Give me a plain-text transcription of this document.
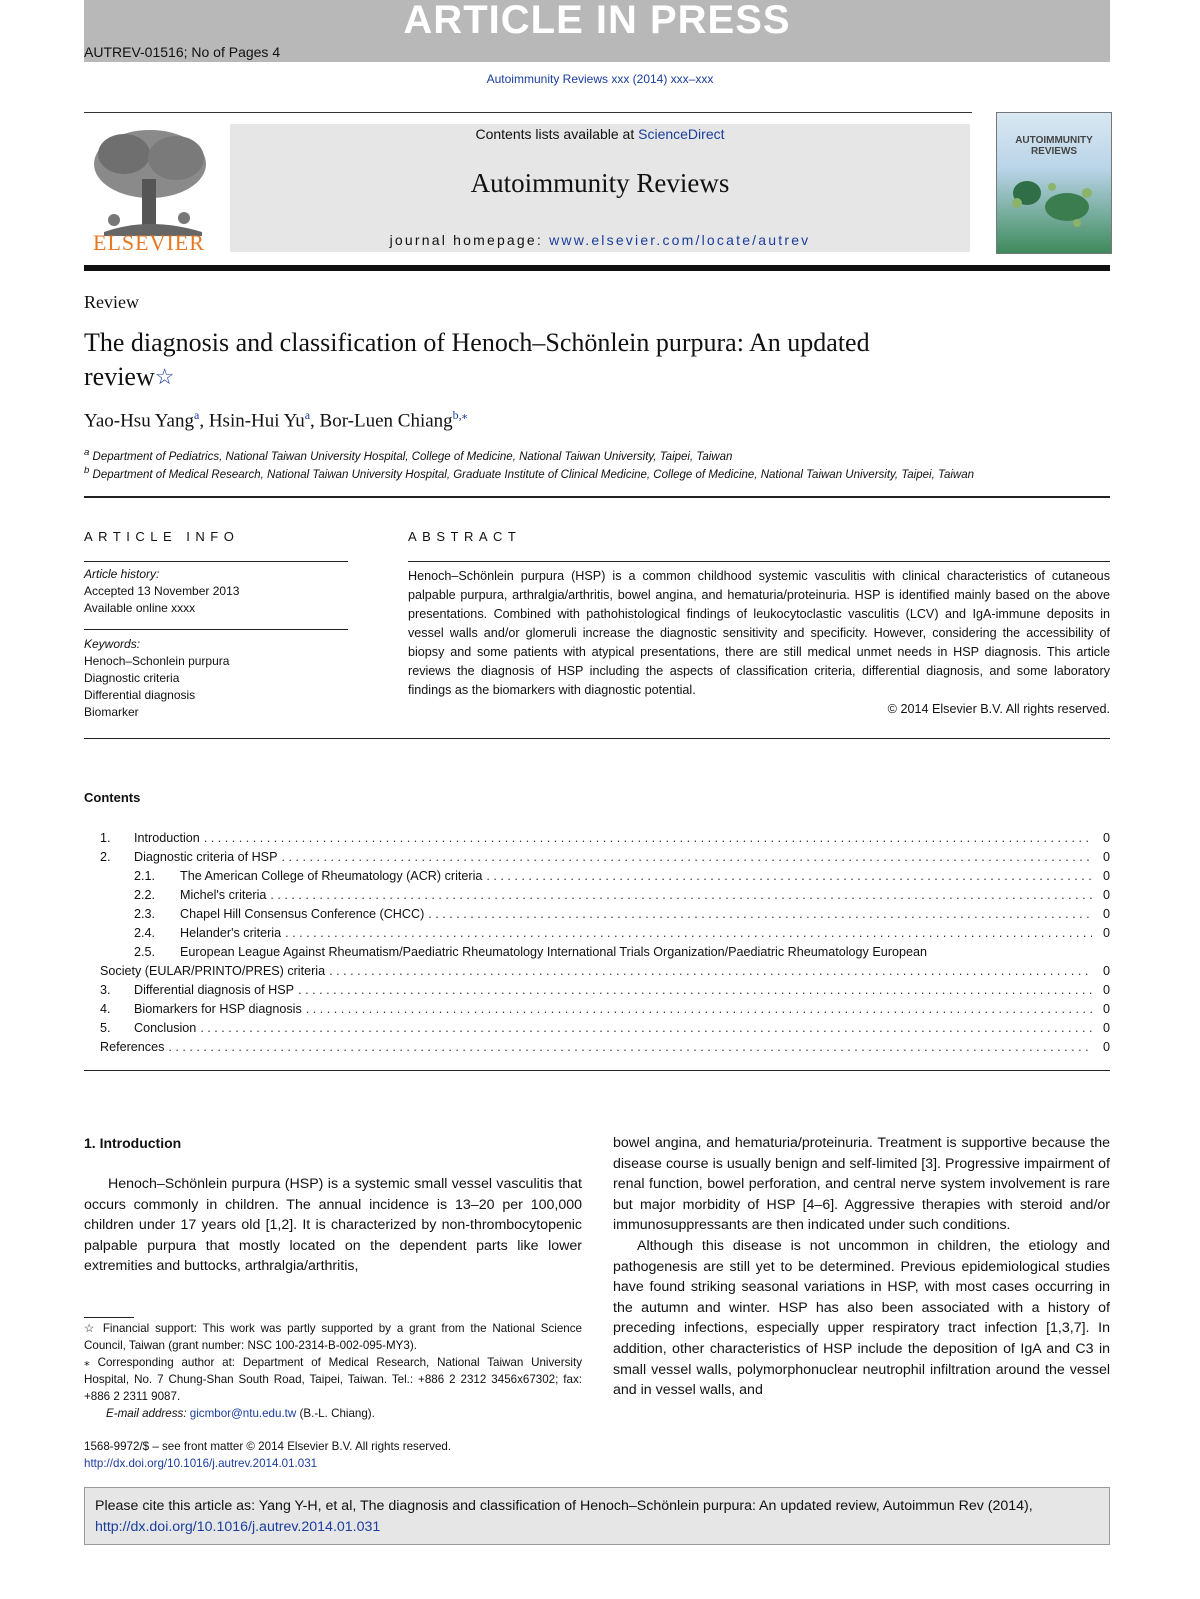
ARTICLE IN PRESS
AUTREV-01516; No of Pages 4
Autoimmunity Reviews xxx (2014) xxx–xxx
ELSEVIER
Contents lists available at ScienceDirect
Autoimmunity Reviews
journal homepage: www.elsevier.com/locate/autrev
AUTOIMMUNITY REVIEWS
Review
The diagnosis and classification of Henoch–Schönlein purpura: An updated review☆
Yao-Hsu Yang$^a$, Hsin-Hui Yu$^a$, Bor-Luen Chiang$^{b,⁎}$
$^a$ Department of Pediatrics, National Taiwan University Hospital, College of Medicine, National Taiwan University, Taipei, Taiwan
$^b$ Department of Medical Research, National Taiwan University Hospital, Graduate Institute of Clinical Medicine, College of Medicine, National Taiwan University, Taipei, Taiwan
ARTICLE INFO	ABSTRACT
Article history:
Accepted 13 November 2013
Available online xxxx
Keywords:
Henoch–Schonlein purpura
Diagnostic criteria
Differential diagnosis
Biomarker
Henoch–Schönlein purpura (HSP) is a common childhood systemic vasculitis with clinical characteristics of cutaneous palpable purpura, arthralgia/arthritis, bowel angina, and hematuria/proteinuria. HSP is identified mainly based on the above presentations. Combined with pathohistological findings of leukocytoclastic vasculitis (LCV) and IgA-immune deposits in vessel walls and/or glomeruli increase the diagnostic sensitivity and specificity. However, considering the accessibility of biopsy and some patients with atypical presentations, there are still medical unmet needs in HSP diagnosis. This article reviews the diagnosis of HSP including the aspects of classification criteria, differential diagnosis, and some laboratory findings as the biomarkers with diagnostic potential.
© 2014 Elsevier B.V. All rights reserved.
Contents
1.	Introduction . . .	0
2.	Diagnostic criteria of HSP . . .	0
2.1.	The American College of Rheumatology (ACR) criteria . . .	0
2.2.	Michel's criteria . . .	0
2.3.	Chapel Hill Consensus Conference (CHCC) . . .	0
2.4.	Helander's criteria . . .	0
2.5.	European League Against Rheumatism/Paediatric Rheumatology International Trials Organization/Paediatric Rheumatology European
Society (EULAR/PRINTO/PRES) criteria . . .	0
3.	Differential diagnosis of HSP . . .	0
4.	Biomarkers for HSP diagnosis . . .	0
5.	Conclusion . . .	0
References . . .	0
1. Introduction
Henoch–Schönlein purpura (HSP) is a systemic small vessel vasculitis that occurs commonly in children. The annual incidence is 13–20 per 100,000 children under 17 years old [1,2]. It is characterized by non-thrombocytopenic palpable purpura that mostly located on the dependent parts like lower extremities and buttocks, arthralgia/arthritis,

bowel angina, and hematuria/proteinuria. Treatment is supportive because the disease course is usually benign and self-limited [3]. Progressive impairment of renal function, bowel perforation, and central nerve system involvement is rare but major morbidity of HSP [4–6]. Aggressive therapies with steroid and/or immunosuppressants are then indicated under such conditions.

Although this disease is not uncommon in children, the etiology and pathogenesis are still yet to be determined. Previous epidemiological studies have found striking seasonal variations in HSP, with most cases occurring in the autumn and winter. HSP has also been associated with a history of preceding infections, especially upper respiratory tract infection [1,3,7]. In addition, other characteristics of HSP include the deposition of IgA and C3 in small vessel walls, polymorphonuclear neutrophil infiltration around the vessel and in vessel walls, and

☆ Financial support: This work was partly supported by a grant from the National Science Council, Taiwan (grant number: NSC 100-2314-B-002-095-MY3).

⁎ Corresponding author at: Department of Medical Research, National Taiwan University Hospital, No. 7 Chung-Shan South Road, Taipei, Taiwan. Tel.: +886 2 2312 3456x67302; fax: +886 2 2311 9087.

E-mail address: gicmbor@ntu.edu.tw (B.-L. Chiang).

1568-9972/$ – see front matter © 2014 Elsevier B.V. All rights reserved.
http://dx.doi.org/10.1016/j.autrev.2014.01.031
Please cite this article as: Yang Y-H, et al, The diagnosis and classification of Henoch–Schönlein purpura: An updated review, Autoimmun Rev (2014), http://dx.doi.org/10.1016/j.autrev.2014.01.031
